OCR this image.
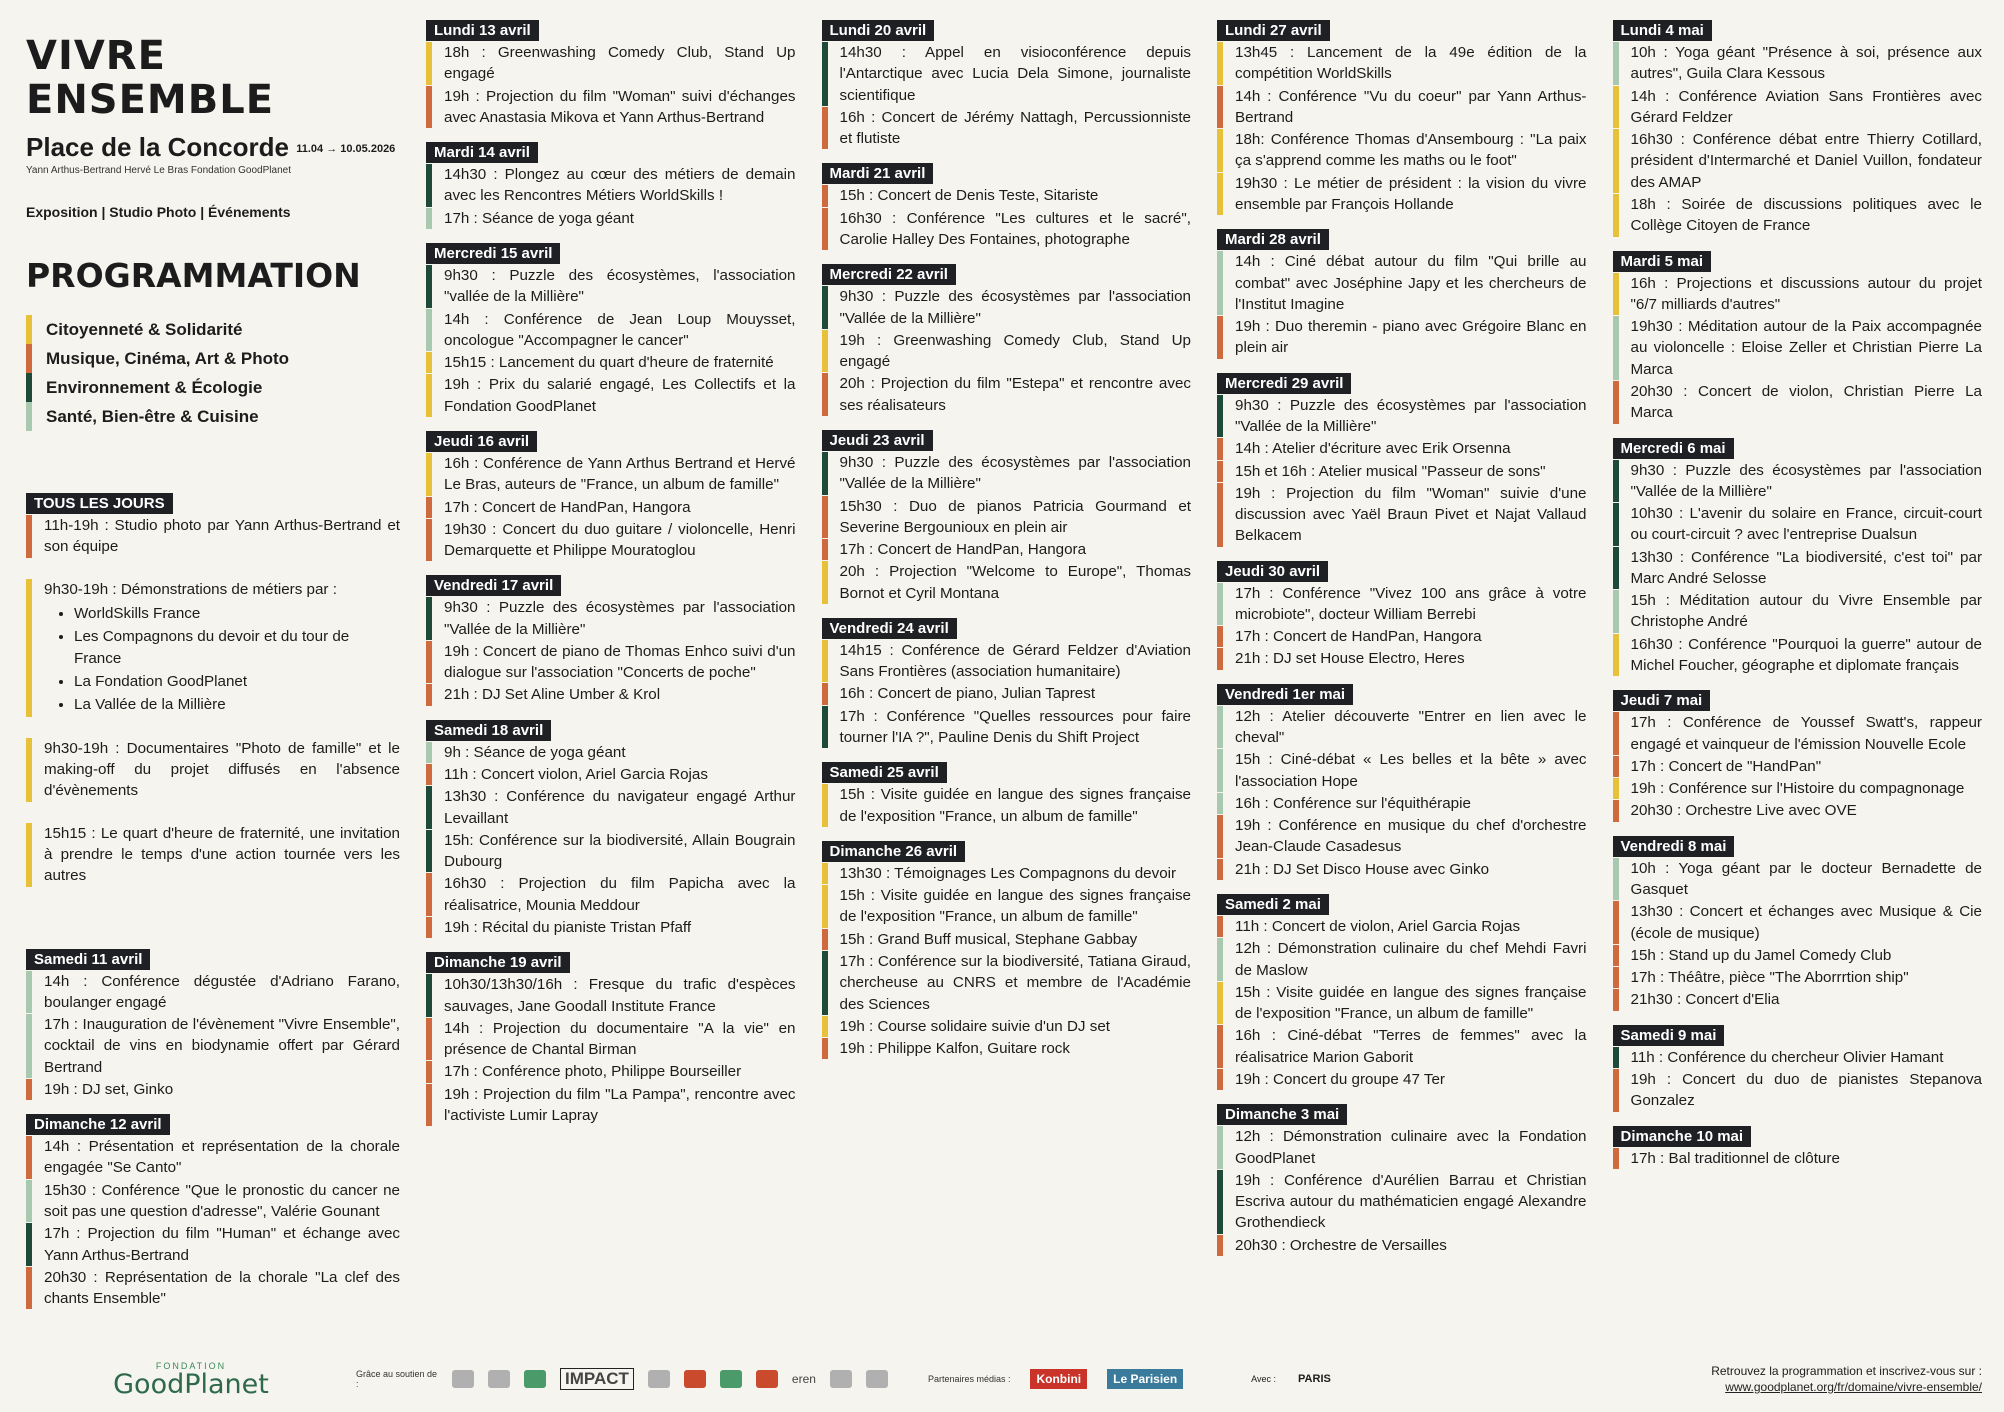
VIVRE ENSEMBLE
Place de la Concorde 11.04 → 10.05.2026
Yann Arthus-Bertrand Hervé Le Bras Fondation GoodPlanet
Exposition | Studio Photo | Événements
PROGRAMMATION
Citoyenneté & Solidarité
Musique, Cinéma, Art & Photo
Environnement & Écologie
Santé, Bien-être & Cuisine
TOUS LES JOURS
11h-19h : Studio photo par Yann Arthus-Bertrand et son équipe
9h30-19h : Démonstrations de métiers par :
• WorldSkills France
• Les Compagnons du devoir et du tour de France
• La Fondation GoodPlanet
• La Vallée de la Millière
9h30-19h : Documentaires "Photo de famille" et le making-off du projet diffusés en l'absence d'évènements
15h15 : Le quart d'heure de fraternité, une invitation à prendre le temps d'une action tournée vers les autres
Samedi 11 avril
14h : Conférence dégustée d'Adriano Farano, boulanger engagé
17h : Inauguration de l'évènement "Vivre Ensemble", cocktail de vins en biodynamie offert par Gérard Bertrand
19h : DJ set, Ginko
Dimanche 12 avril
14h : Présentation et représentation de la chorale engagée "Se Canto"
15h30 : Conférence "Que le pronostic du cancer ne soit pas une question d'adresse", Valérie Gounant
17h : Projection du film "Human" et échange avec Yann Arthus-Bertrand
20h30 : Représentation de la chorale "La clef des chants Ensemble"
Lundi 13 avril
18h : Greenwashing Comedy Club, Stand Up engagé
19h : Projection du film "Woman" suivi d'échanges avec Anastasia Mikova et Yann Arthus-Bertrand
Mardi 14 avril
14h30 : Plongez au cœur des métiers de demain avec les Rencontres Métiers WorldSkills !
17h : Séance de yoga géant
Mercredi 15 avril
9h30 : Puzzle des écosystèmes, l'association "vallée de la Millière"
14h : Conférence de Jean Loup Mouysset, oncologue "Accompagner le cancer"
15h15 : Lancement du quart d'heure de fraternité
19h : Prix du salarié engagé, Les Collectifs et la Fondation GoodPlanet
Jeudi 16 avril
16h : Conférence de Yann Arthus Bertrand et Hervé Le Bras, auteurs de "France, un album de famille"
17h : Concert de HandPan, Hangora
19h30 : Concert du duo guitare / violoncelle, Henri Demarquette et Philippe Mouratoglou
Vendredi 17 avril
9h30 : Puzzle des écosystèmes par l'association "Vallée de la Millière"
19h : Concert de piano de Thomas Enhco suivi d'un dialogue sur l'association "Concerts de poche"
21h : DJ Set Aline Umber & Krol
Samedi 18 avril
9h : Séance de yoga géant
11h : Concert violon, Ariel Garcia Rojas
13h30 : Conférence du navigateur engagé Arthur Levaillant
15h: Conférence sur la biodiversité, Allain Bougrain Dubourg
16h30 : Projection du film Papicha avec la réalisatrice, Mounia Meddour
19h : Récital du pianiste Tristan Pfaff
Dimanche 19 avril
10h30/13h30/16h : Fresque du trafic d'espèces sauvages, Jane Goodall Institute France
14h : Projection du documentaire "A la vie" en présence de Chantal Birman
17h : Conférence photo, Philippe Bourseiller
19h : Projection du film "La Pampa", rencontre avec l'activiste Lumir Lapray
Lundi 20 avril
14h30 : Appel en visioconférence depuis l'Antarctique avec Lucia Dela Simone, journaliste scientifique
16h : Concert de Jérémy Nattagh, Percussionniste et flutiste
Mardi 21 avril
15h : Concert de Denis Teste, Sitariste
16h30 : Conférence "Les cultures et le sacré", Carolie Halley Des Fontaines, photographe
Mercredi 22 avril
9h30 : Puzzle des écosystèmes par l'association "Vallée de la Millière"
19h : Greenwashing Comedy Club, Stand Up engagé
20h : Projection du film "Estepa" et rencontre avec ses réalisateurs
Jeudi 23 avril
9h30 : Puzzle des écosystèmes par l'association "Vallée de la Millière"
15h30 : Duo de pianos Patricia Gourmand et Severine Bergounioux en plein air
17h : Concert de HandPan, Hangora
20h : Projection "Welcome to Europe", Thomas Bornot et Cyril Montana
Vendredi 24 avril
14h15 : Conférence de Gérard Feldzer d'Aviation Sans Frontières (association humanitaire)
16h : Concert de piano, Julian Taprest
17h : Conférence "Quelles ressources pour faire tourner l'IA ?", Pauline Denis du Shift Project
Samedi 25 avril
15h : Visite guidée en langue des signes française de l'exposition "France, un album de famille"
Dimanche 26 avril
13h30 : Témoignages Les Compagnons du devoir
15h : Visite guidée en langue des signes française de l'exposition "France, un album de famille"
15h : Grand Buff musical, Stephane Gabbay
17h : Conférence sur la biodiversité, Tatiana Giraud, chercheuse au CNRS et membre de l'Académie des Sciences
19h : Course solidaire suivie d'un DJ set
19h : Philippe Kalfon, Guitare rock
Lundi 27 avril
13h45 : Lancement de la 49e édition de la compétition WorldSkills
14h : Conférence "Vu du coeur" par Yann Arthus-Bertrand
18h: Conférence Thomas d'Ansembourg : "La paix ça s'apprend comme les maths ou le foot"
19h30 : Le métier de président : la vision du vivre ensemble par François Hollande
Mardi 28 avril
14h : Ciné débat autour du film "Qui brille au combat" avec Joséphine Japy et les chercheurs de l'Institut Imagine
19h : Duo theremin - piano avec Grégoire Blanc en plein air
Mercredi 29 avril
9h30 : Puzzle des écosystèmes par l'association "Vallée de la Millière"
14h : Atelier d'écriture avec Erik Orsenna
15h et 16h : Atelier musical "Passeur de sons"
19h : Projection du film "Woman" suivie d'une discussion avec Yaël Braun Pivet et Najat Vallaud Belkacem
Jeudi 30 avril
17h : Conférence "Vivez 100 ans grâce à votre microbiote", docteur William Berrebi
17h : Concert de HandPan, Hangora
21h : DJ set House Electro, Heres
Vendredi 1er mai
12h : Atelier découverte "Entrer en lien avec le cheval"
15h : Ciné-débat « Les belles et la bête » avec l'association Hope
16h : Conférence sur l'équithérapie
19h : Conférence en musique du chef d'orchestre Jean-Claude Casadesus
21h : DJ Set Disco House avec Ginko
Samedi 2 mai
11h : Concert de violon, Ariel Garcia Rojas
12h : Démonstration culinaire du chef Mehdi Favri de Maslow
15h : Visite guidée en langue des signes française de l'exposition "France, un album de famille"
16h : Ciné-débat "Terres de femmes" avec la réalisatrice Marion Gaborit
19h : Concert du groupe 47 Ter
Dimanche 3 mai
12h : Démonstration culinaire avec la Fondation GoodPlanet
19h : Conférence d'Aurélien Barrau et Christian Escriva autour du mathématicien engagé Alexandre Grothendieck
20h30 : Orchestre de Versailles
Lundi 4 mai
10h : Yoga géant "Présence à soi, présence aux autres", Guila Clara Kessous
14h : Conférence Aviation Sans Frontières avec Gérard Feldzer
16h30 : Conférence débat entre Thierry Cotillard, président d'Intermarché et Daniel Vuillon, fondateur des AMAP
18h : Soirée de discussions politiques avec le Collège Citoyen de France
Mardi 5 mai
16h : Projections et discussions autour du projet "6/7 milliards d'autres"
19h30 : Méditation autour de la Paix accompagnée au violoncelle : Eloise Zeller et Christian Pierre La Marca
20h30 : Concert de violon, Christian Pierre La Marca
Mercredi 6 mai
9h30 : Puzzle des écosystèmes par l'association "Vallée de la Millière"
10h30 : L'avenir du solaire en France, circuit-court ou court-circuit ? avec l'entreprise Dualsun
13h30 : Conférence "La biodiversité, c'est toi" par Marc André Selosse
15h : Méditation autour du Vivre Ensemble par Christophe André
16h30 : Conférence "Pourquoi la guerre" autour de Michel Foucher, géographe et diplomate français
Jeudi 7 mai
17h : Conférence de Youssef Swatt's, rappeur engagé et vainqueur de l'émission Nouvelle Ecole
17h : Concert de "HandPan"
19h : Conférence sur l'Histoire du compagnonage
20h30 : Orchestre Live avec OVE
Vendredi 8 mai
10h : Yoga géant par le docteur Bernadette de Gasquet
13h30 : Concert et échanges avec Musique & Cie (école de musique)
15h : Stand up du Jamel Comedy Club
17h : Théâtre, pièce "The Aborrrtion ship"
21h30 : Concert d'Elia
Samedi 9 mai
11h : Conférence du chercheur Olivier Hamant
19h : Concert du duo de pianistes Stepanova Gonzalez
Dimanche 10 mai
17h : Bal traditionnel de clôture
FONDATION
GoodPlanet	Grâce au soutien de :	IMPACT	eren	Partenaires médias :	Konbini	Le Parisien	Avec : PARIS
Retrouvez la programmation et inscrivez-vous sur :
www.goodplanet.org/fr/domaine/vivre-ensemble/
